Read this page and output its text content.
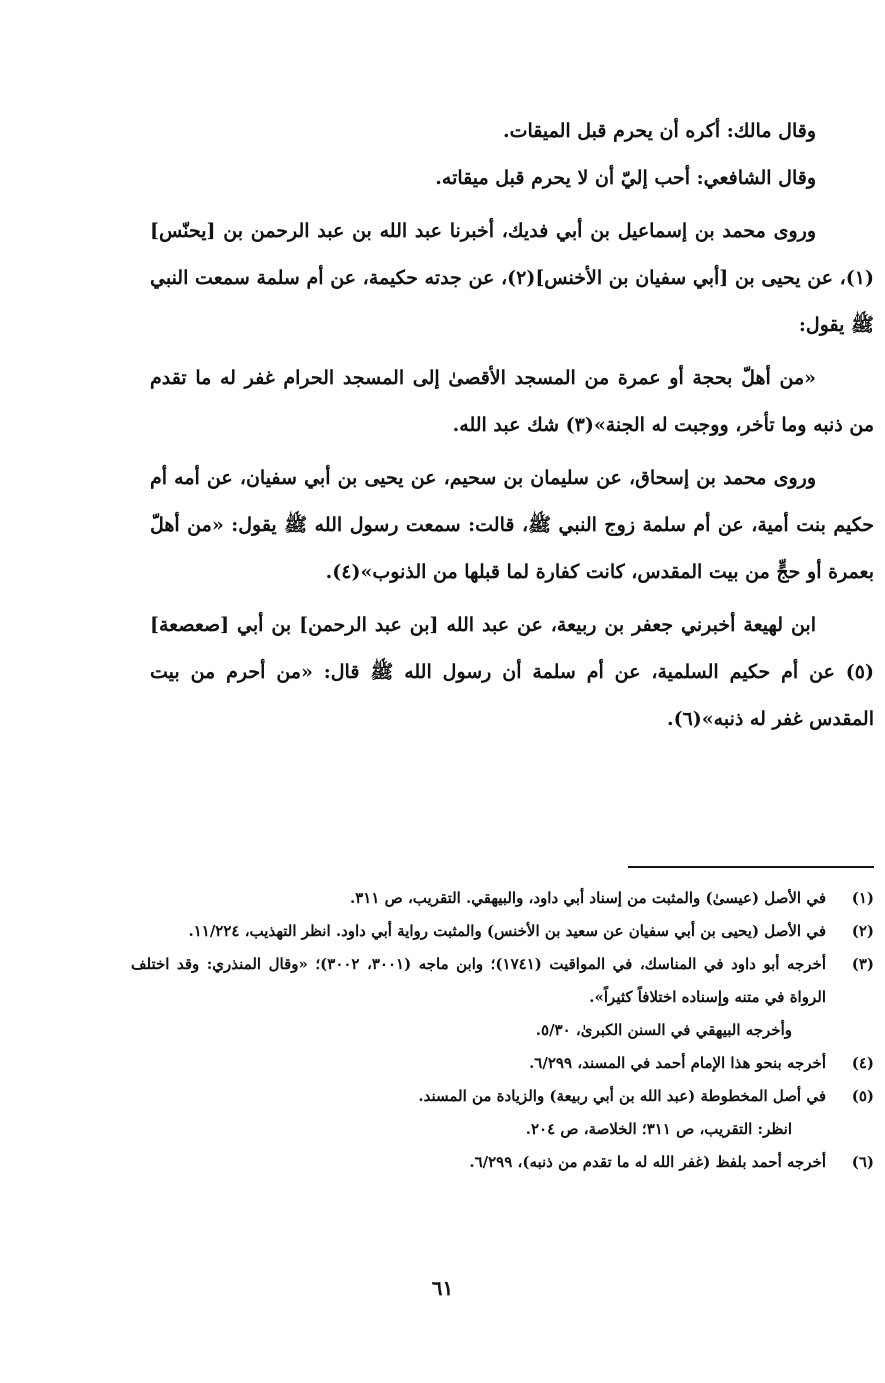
وقال مالك: أكره أن يحرم قبل الميقات.

وقال الشافعي: أحب إليّ أن لا يحرم قبل ميقاته.

وروى محمد بن إسماعيل بن أبي فديك، أخبرنا عبد الله بن عبد الرحمن بن [يحنّس](١)، عن يحيى بن [أبي سفيان بن الأخنس](٢)، عن جدته حكيمة، عن أم سلمة سمعت النبي ﷺ يقول:

«من أهلّ بحجة أو عمرة من المسجد الأقصىٰ إلى المسجد الحرام غفر له ما تقدم من ذنبه وما تأخر، ووجبت له الجنة»(٣) شك عبد الله.

وروى محمد بن إسحاق، عن سليمان بن سحيم، عن يحيى بن أبي سفيان، عن أمه أم حكيم بنت أمية، عن أم سلمة زوج النبي ﷺ، قالت: سمعت رسول الله ﷺ يقول: «من أهلّ بعمرة أو حجٍّ من بيت المقدس، كانت كفارة لما قبلها من الذنوب»(٤).

ابن لهيعة أخبرني جعفر بن ربيعة، عن عبد الله [بن عبد الرحمن] بن أبي [صعصعة](٥) عن أم حكيم السلمية، عن أم سلمة أن رسول الله ﷺ قال: «من أحرم من بيت المقدس غفر له ذنبه»(٦).

(١)
في الأصل (عيسىٰ) والمثبت من إسناد أبي داود، والبيهقي. التقريب، ص ٣١١.
(٢)
في الأصل (يحيى بن أبي سفيان عن سعيد بن الأخنس) والمثبت رواية أبي داود. انظر التهذيب، ١١/٢٢٤.
(٣)
أخرجه أبو داود في المناسك، في المواقيت (١٧٤١)؛ وابن ماجه (٣٠٠١، ٣٠٠٢)؛ «وقال المنذري: وقد اختلف الرواة في متنه وإسناده اختلافاً كثيراً».
وأخرجه البيهقي في السنن الكبرىٰ، ٥/٣٠.
(٤)
أخرجه بنحو هذا الإمام أحمد في المسند، ٦/٢٩٩.
(٥)
في أصل المخطوطة (عبد الله بن أبي ربيعة) والزيادة من المسند.
انظر: التقريب، ص ٣١١؛ الخلاصة، ص ٢٠٤.
(٦)
أخرجه أحمد بلفظ (غفر الله له ما تقدم من ذنبه)، ٦/٢٩٩.
٦١
